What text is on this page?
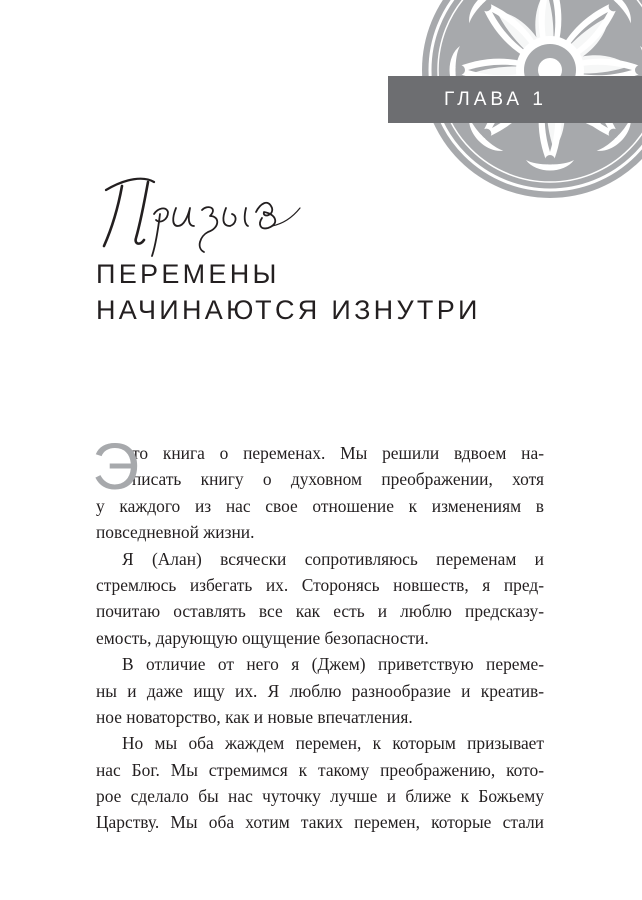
ГЛАВА 1
Призыв
ПЕРЕМЕНЫ
НАЧИНАЮТСЯ ИЗНУТРИ
Э
то книга о переменах. Мы решили вдвоем на-
писать книгу о духовном преображении, хотя
у каждого из нас свое отношение к изменениям в
повседневной жизни.
Я (Алан) всячески сопротивляюсь переменам и
стремлюсь избегать их. Сторонясь новшеств, я пред-
почитаю оставлять все как есть и люблю предсказу-
емость, дарующую ощущение безопасности.
В отличие от него я (Джем) приветствую переме-
ны и даже ищу их. Я люблю разнообразие и креатив-
ное новаторство, как и новые впечатления.
Но мы оба жаждем перемен, к которым призывает
нас Бог. Мы стремимся к такому преображению, кото-
рое сделало бы нас чуточку лучше и ближе к Божьему
Царству. Мы оба хотим таких перемен, которые стали
